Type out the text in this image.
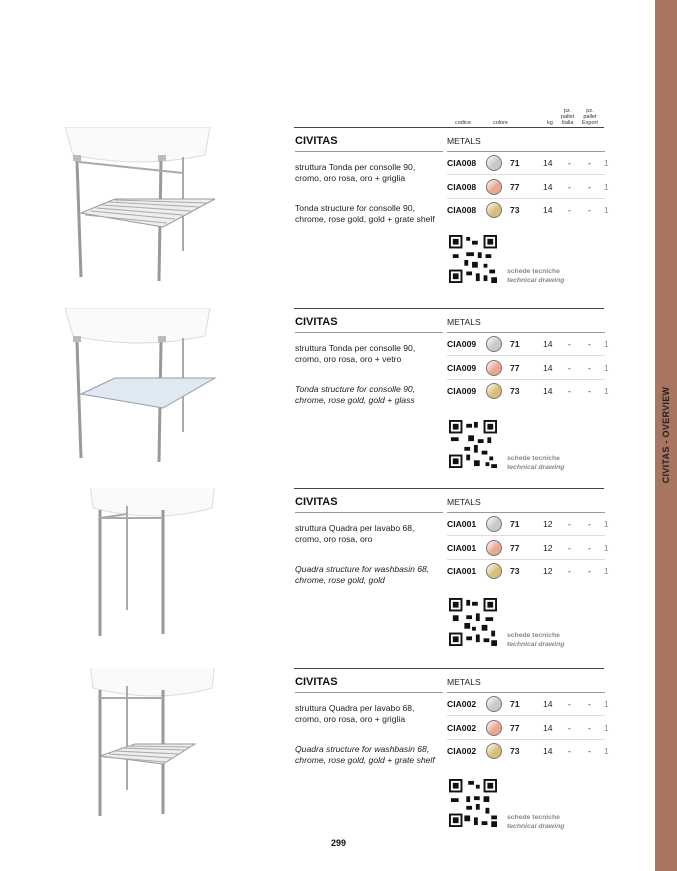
CIVITAS - OVERVIEW
codice	colore	kg
pz.
pallet
Italia
pz.
pallet
Export
CIVITAS
struttura Tonda per consolle 90, cromo, oro rosa, oro + griglia
Tonda structure for consolle 90, chrome, rose gold, gold + grate shelf
METALS
CIA008	71	14 - - 1
CIA008	77	14 - - 1
CIA008	73	14 - - 1
schede tecniche
technical drawing
CIVITAS
struttura Tonda per consolle 90, cromo, oro rosa, oro + vetro
Tonda structure for consolle 90, chrome, rose gold, gold + glass
METALS
CIA009	71	14 - - 1
CIA009	77	14 - - 1
CIA009	73	14 - - 1
schede tecniche
technical drawing
CIVITAS
struttura Quadra per lavabo 68, cromo, oro rosa, oro
Quadra structure for washbasin 68, chrome, rose gold, gold
METALS
CIA001	71	12 - - 1
CIA001	77	12 - - 1
CIA001	73	12 - - 1
schede tecniche
technical drawing
CIVITAS
struttura Quadra per lavabo 68, cromo, oro rosa, oro + griglia
Quadra structure for washbasin 68, chrome, rose gold, gold + grate shelf
METALS
CIA002	71	14 - - 1
CIA002	77	14 - - 1
CIA002	73	14 - - 1
schede tecniche
technical drawing
299
